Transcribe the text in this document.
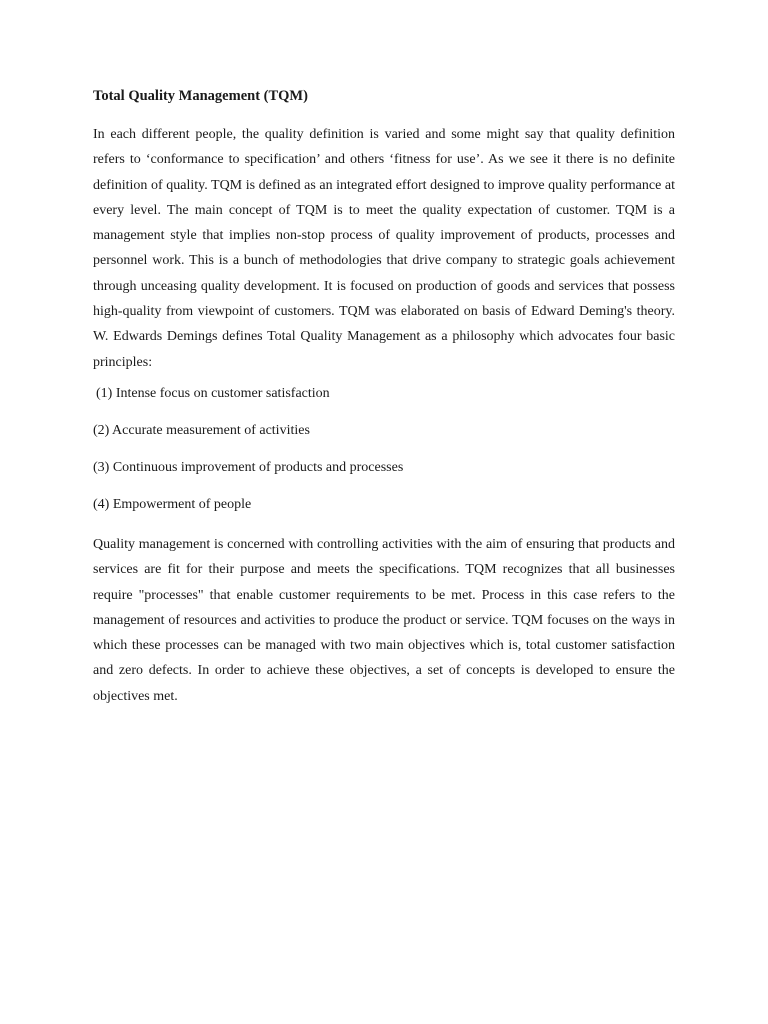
Total Quality Management (TQM)

In each different people, the quality definition is varied and some might say that quality definition refers to ‘conformance to specification’ and others ‘fitness for use’. As we see it there is no definite definition of quality. TQM is defined as an integrated effort designed to improve quality performance at every level. The main concept of TQM is to meet the quality expectation of customer. TQM is a management style that implies non-stop process of quality improvement of products, processes and personnel work. This is a bunch of methodologies that drive company to strategic goals achievement through unceasing quality development. It is focused on production of goods and services that possess high-quality from viewpoint of customers. TQM was elaborated on basis of Edward Deming's theory. W. Edwards Demings defines Total Quality Management as a philosophy which advocates four basic principles:

(1) Intense focus on customer satisfaction
(2) Accurate measurement of activities
(3) Continuous improvement of products and processes
(4) Empowerment of people

Quality management is concerned with controlling activities with the aim of ensuring that products and services are fit for their purpose and meets the specifications. TQM recognizes that all businesses require "processes" that enable customer requirements to be met. Process in this case refers to the management of resources and activities to produce the product or service. TQM focuses on the ways in which these processes can be managed with two main objectives which is, total customer satisfaction and zero defects. In order to achieve these objectives, a set of concepts is developed to ensure the objectives met.
